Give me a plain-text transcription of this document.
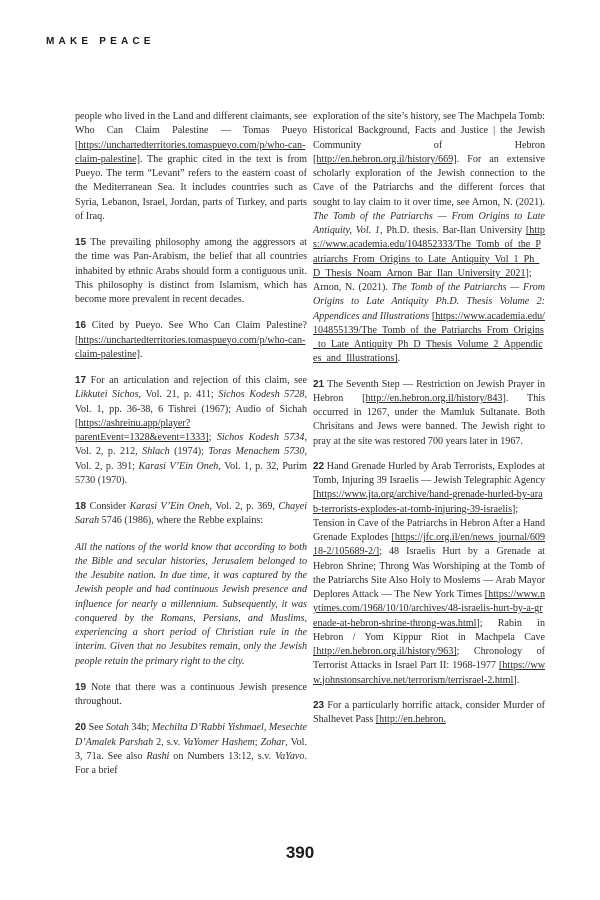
MAKE PEACE

people who lived in the Land and different claimants, see Who Can Claim Palestine — Tomas Pueyo [https://unchartedterritories.tomaspueyo.com/p/who-can-claim-palestine]. The graphic cited in the text is from Pueyo. The term “Levant” refers to the eastern coast of the Mediterranean Sea. It includes countries such as Syria, Lebanon, Israel, Jordan, parts of Turkey, and parts of Iraq.

15 The prevailing philosophy among the aggressors at the time was Pan-Arabism, the belief that all countries inhabited by ethnic Arabs should form a contiguous unit. This philosophy is distinct from Islamism, which has become more prevalent in recent decades.

16 Cited by Pueyo. See Who Can Claim Palestine? [https://unchartedterritories.tomaspueyo.com/p/who-can-claim-palestine].

17 For an articulation and rejection of this claim, see Likkutei Sichos, Vol. 21, p. 411; Sichos Kodesh 5728, Vol. 1, pp. 36-38, 6 Tishrei (1967); Audio of Sichah [https://ashreinu.app/player?parentEvent=1328&event=1333]; Sichos Kodesh 5734, Vol. 2, p. 212, Shlach (1974); Toras Menachem 5730, Vol. 2, p. 391; Karasi V’Ein Oneh, Vol. 1, p. 32, Purim 5730 (1970).

18 Consider Karasi V’Ein Oneh, Vol. 2, p. 369, Chayei Sarah 5746 (1986), where the Rebbe explains:

All the nations of the world know that according to both the Bible and secular histories, Jerusalem belonged to the Jesubite nation. In due time, it was captured by the Jewish people and had continuous Jewish presence and influence for nearly a millennium. Subsequently, it was conquered by the Romans, Persians, and Muslims, experiencing a short period of Christian rule in the interim. Given that no Jesubites remain, only the Jewish people retain the primary right to the city.

19 Note that there was a continuous Jewish presence throughout.

20 See Sotah 34b; Mechilta D’Rabbi Yishmael, Mesechte D’Amalek Parshah 2, s.v. VaYomer Hashem; Zohar, Vol. 3, 71a. See also Rashi on Numbers 13:12, s.v. VaYavo. For a brief

exploration of the site’s history, see The Machpela Tomb: Historical Background, Facts and Justice | the Jewish Community of Hebron [http://en.hebron.org.il/history/669]. For an extensive scholarly exploration of the Jewish connection to the Cave of the Patriarchs and the different forces that sought to lay claim to it over time, see Arnon, N. (2021). The Tomb of the Patriarchs — From Origins to Late Antiquity, Vol. 1, Ph.D. thesis. Bar-Ilan University [https://www.academia.edu/104852333/The_Tomb_of_the_Patriarchs_From_Origins_to_Late_Antiquity_Vol_1_Ph_D_Thesis_Noam_Arnon_Bar_Ilan_University_2021]; Arnon, N. (2021). The Tomb of the Patriarchs — From Origins to Late Antiquity Ph.D. Thesis Volume 2: Appendices and Illustrations [https://www.academia.edu/104855139/The_Tomb_of_the_Patriarchs_From_Origins_to_Late_Antiquity_Ph_D_Thesis_Volume_2_Appendices_and_Illustrations].

21 The Seventh Step — Restriction on Jewish Prayer in Hebron [http://en.hebron.org.il/history/843]. This occurred in 1267, under the Mamluk Sultanate. Both Chrisitans and Jews were banned. The Jewish right to pray at the site was restored 700 years later in 1967.

22 Hand Grenade Hurled by Arab Terrorists, Explodes at Tomb, Injuring 39 Israelis — Jewish Telegraphic Agency [https://www.jta.org/archive/hand-grenade-hurled-by-arab-terrorists-explodes-at-tomb-injuring-39-israelis]; Tension in Cave of the Patriarchs in Hebron After a Hand Grenade Explodes [https://jfc.org.il/en/news_journal/60918-2/105689-2/]; 48 Israelis Hurt by a Grenade at Hebron Shrine; Throng Was Worshiping at the Tomb of the Patriarchs Site Also Holy to Moslems — Arab Mayor Deplores Attack — The New York Times [https://www.nytimes.com/1968/10/10/archives/48-israelis-hurt-by-a-grenade-at-hebron-shrine-throng-was.html]; Rabin in Hebron / Yom Kippur Riot in Machpela Cave [http://en.hebron.org.il/history/963]; Chronology of Terrorist Attacks in Israel Part II: 1968-1977 [https://www.johnstonsarchive.net/terrorism/terrisrael-2.html].

23 For a particularly horrific attack, consider Murder of Shalhevet Pass [http://en.hebron.

390
